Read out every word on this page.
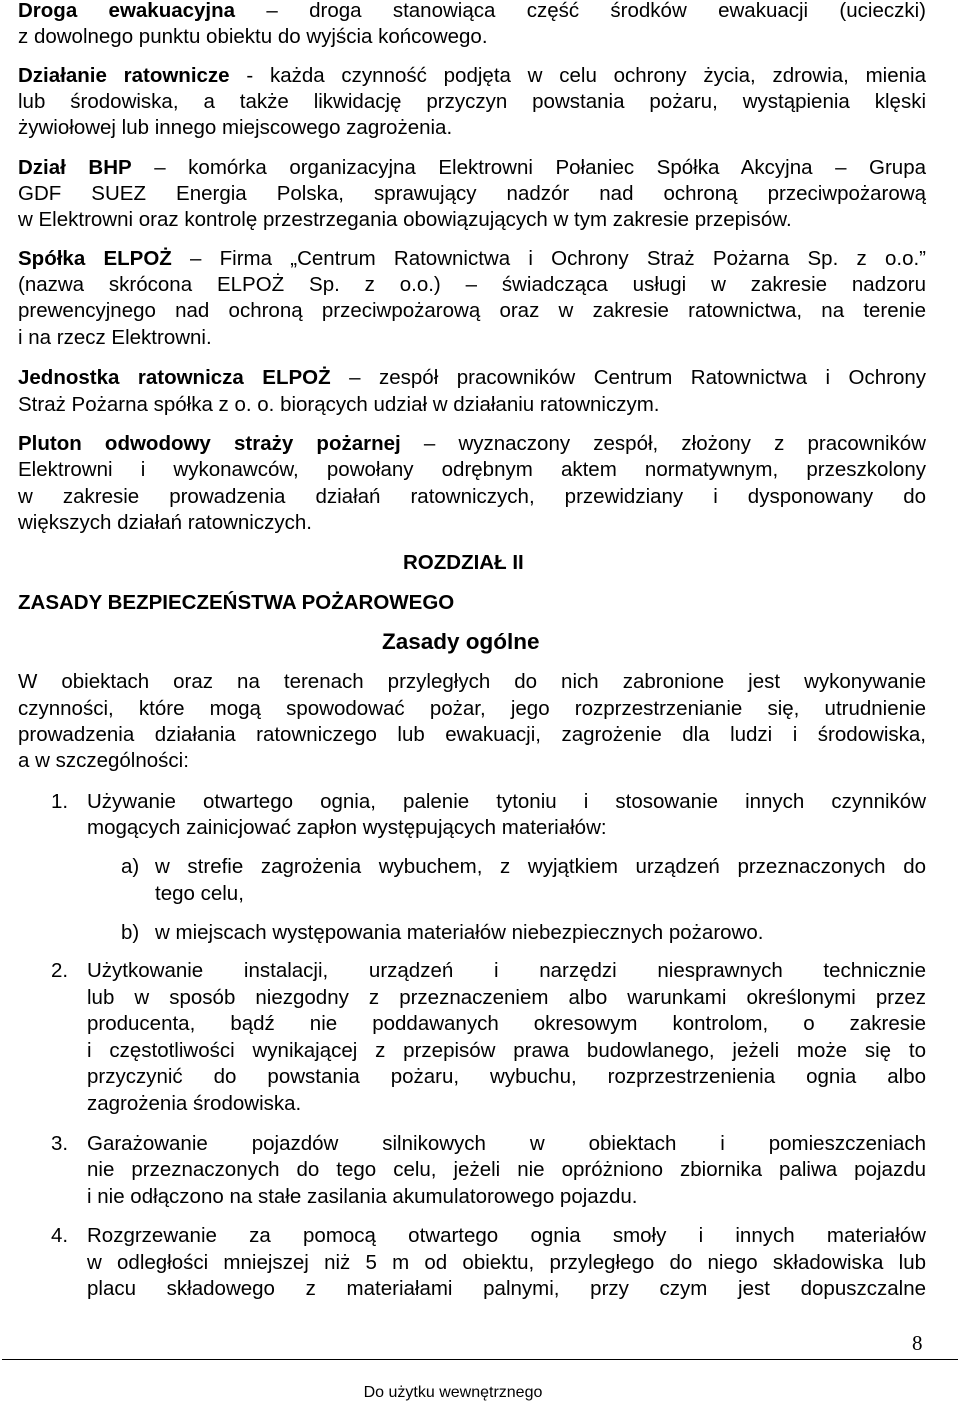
Droga ewakuacyjna – droga stanowiąca część środków ewakuacji (ucieczki)
z dowolnego punktu obiektu do wyjścia końcowego.
Działanie ratownicze - każda czynność podjęta w celu ochrony życia, zdrowia, mienia
lub środowiska, a także likwidację przyczyn powstania pożaru, wystąpienia klęski
żywiołowej lub innego miejscowego zagrożenia.
Dział BHP – komórka organizacyjna Elektrowni Połaniec Spółka Akcyjna – Grupa
GDF SUEZ Energia Polska, sprawujący nadzór nad ochroną przeciwpożarową
w Elektrowni oraz kontrolę przestrzegania obowiązujących w tym zakresie przepisów.
Spółka ELPOŻ – Firma „Centrum Ratownictwa i Ochrony Straż Pożarna Sp. z o.o.”
(nazwa skrócona ELPOŻ Sp. z o.o.) – świadcząca usługi w zakresie nadzoru
prewencyjnego nad ochroną przeciwpożarową oraz w zakresie ratownictwa, na terenie
i na rzecz Elektrowni.
Jednostka ratownicza ELPOŻ – zespół pracowników Centrum Ratownictwa i Ochrony
Straż Pożarna spółka z o. o. biorących udział w działaniu ratowniczym.
Pluton odwodowy straży pożarnej – wyznaczony zespół, złożony z pracowników
Elektrowni i wykonawców, powołany odrębnym aktem normatywnym, przeszkolony
w zakresie prowadzenia działań ratowniczych, przewidziany i dysponowany do
większych działań ratowniczych.
ROZDZIAŁ II
ZASADY BEZPIECZEŃSTWA POŻAROWEGO
Zasady ogólne
W obiektach oraz na terenach przyległych do nich zabronione jest wykonywanie
czynności, które mogą spowodować pożar, jego rozprzestrzenianie się, utrudnienie
prowadzenia działania ratowniczego lub ewakuacji, zagrożenie dla ludzi i środowiska,
a w szczególności:
1. Używanie otwartego ognia, palenie tytoniu i stosowanie innych czynników
mogących zainicjować zapłon występujących materiałów:
a) w strefie zagrożenia wybuchem, z wyjątkiem urządzeń przeznaczonych do
tego celu,
b) w miejscach występowania materiałów niebezpiecznych pożarowo.
2. Użytkowanie instalacji, urządzeń i narzędzi niesprawnych technicznie
lub w sposób niezgodny z przeznaczeniem albo warunkami określonymi przez
producenta, bądź nie poddawanych okresowym kontrolom, o zakresie
i częstotliwości wynikającej z przepisów prawa budowlanego, jeżeli może się to
przyczynić do powstania pożaru, wybuchu, rozprzestrzenienia ognia albo
zagrożenia środowiska.
3. Garażowanie pojazdów silnikowych w obiektach i pomieszczeniach
nie przeznaczonych do tego celu, jeżeli nie opróżniono zbiornika paliwa pojazdu
i nie odłączono na stałe zasilania akumulatorowego pojazdu.
4. Rozgrzewanie za pomocą otwartego ognia smoły i innych materiałów
w odległości mniejszej niż 5 m od obiektu, przyległego do niego składowiska lub
placu składowego z materiałami palnymi, przy czym jest dopuszczalne
8
Do użytku wewnętrznego
